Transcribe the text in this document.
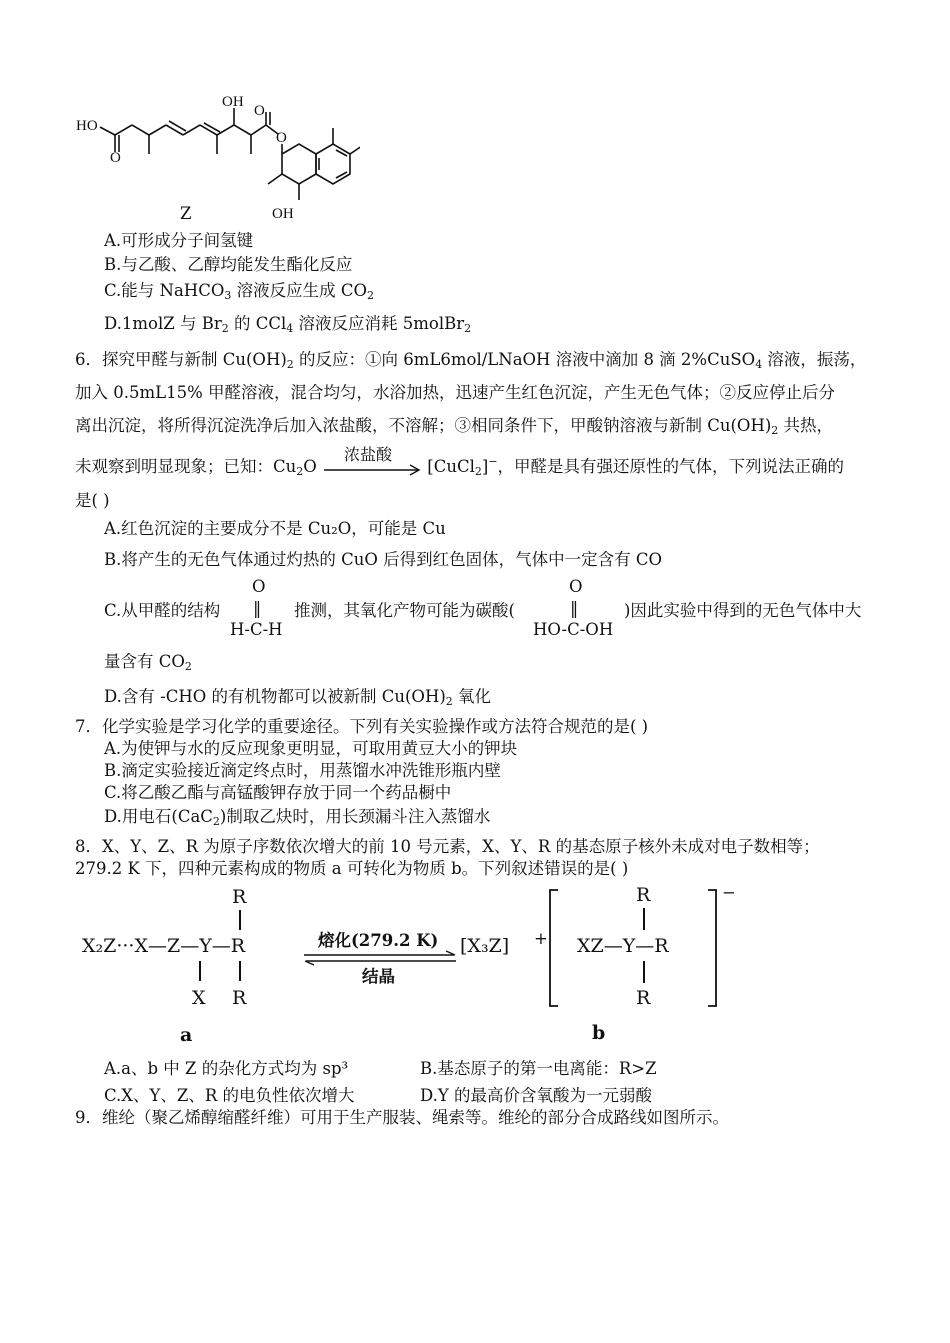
HO
O
OH
O
O
OH
Z
A.可形成分子间氢键
B.与乙酸、乙醇均能发生酯化反应
C.能与 NaHCO$_3$ 溶液反应生成 $CO_2$
D.1molZ 与 $Br_2$ 的 CCl$_4$ 溶液反应消耗 5molBr$_2$
6．探究甲醛与新制 $Cu(OH)_2$ 的反应：①向 6mL6mol/LNaOH 溶液中滴加 8 滴 2%CuSO$_4$ 溶液，振荡，
加入 0.5mL15% 甲醛溶液，混合均匀，水浴加热，迅速产生红色沉淀，产生无色气体；②反应停止后分
离出沉淀，将所得沉淀洗净后加入浓盐酸，不溶解；③相同条件下，甲酸钠溶液与新制 $Cu(OH)_2$ 共热，
未观察到明显现象；已知：$Cu_2O$
浓盐酸
[CuCl$_2$]−，甲醛是具有强还原性的气体，下列说法正确的
是( )
A.红色沉淀的主要成分不是 Cu₂O，可能是 Cu
B.将产生的无色气体通过灼热的 CuO 后得到红色固体，气体中一定含有 CO
C.从甲醛的结构
O
‖
H-C-H
推测，其氧化产物可能为碳酸(
O
‖
HO-C-OH
)因此实验中得到的无色气体中大
量含有 $CO_2$
D.含有 -CHO 的有机物都可以被新制 $Cu(OH)_2$ 氧化
7．化学实验是学习化学的重要途径。下列有关实验操作或方法符合规范的是( )
A.为使钾与水的反应现象更明显，可取用黄豆大小的钾块
B.滴定实验接近滴定终点时，用蒸馏水冲洗锥形瓶内壁
C.将乙酸乙酯与高锰酸钾存放于同一个药品橱中
D.用电石(CaC$_2$)制取乙炔时，用长颈漏斗注入蒸馏水
8．X、Y、Z、R 为原子序数依次增大的前 10 号元素，X、Y、R 的基态原子核外未成对电子数相等；
279.2 K 下，四种元素构成的物质 a 可转化为物质 b。下列叙述错误的是( )
R
X₂Z···X—Z—Y—R
X R
a
熔化(279.2 K)
结晶
[X₃Z] +
−
R
XZ—Y—R
R
b
A.a、b 中 Z 的杂化方式均为 sp³	B.基态原子的第一电离能：R>Z
C.X、Y、Z、R 的电负性依次增大	D.Y 的最高价含氧酸为一元弱酸
9．维纶（聚乙烯醇缩醛纤维）可用于生产服装、绳索等。维纶的部分合成路线如图所示。
